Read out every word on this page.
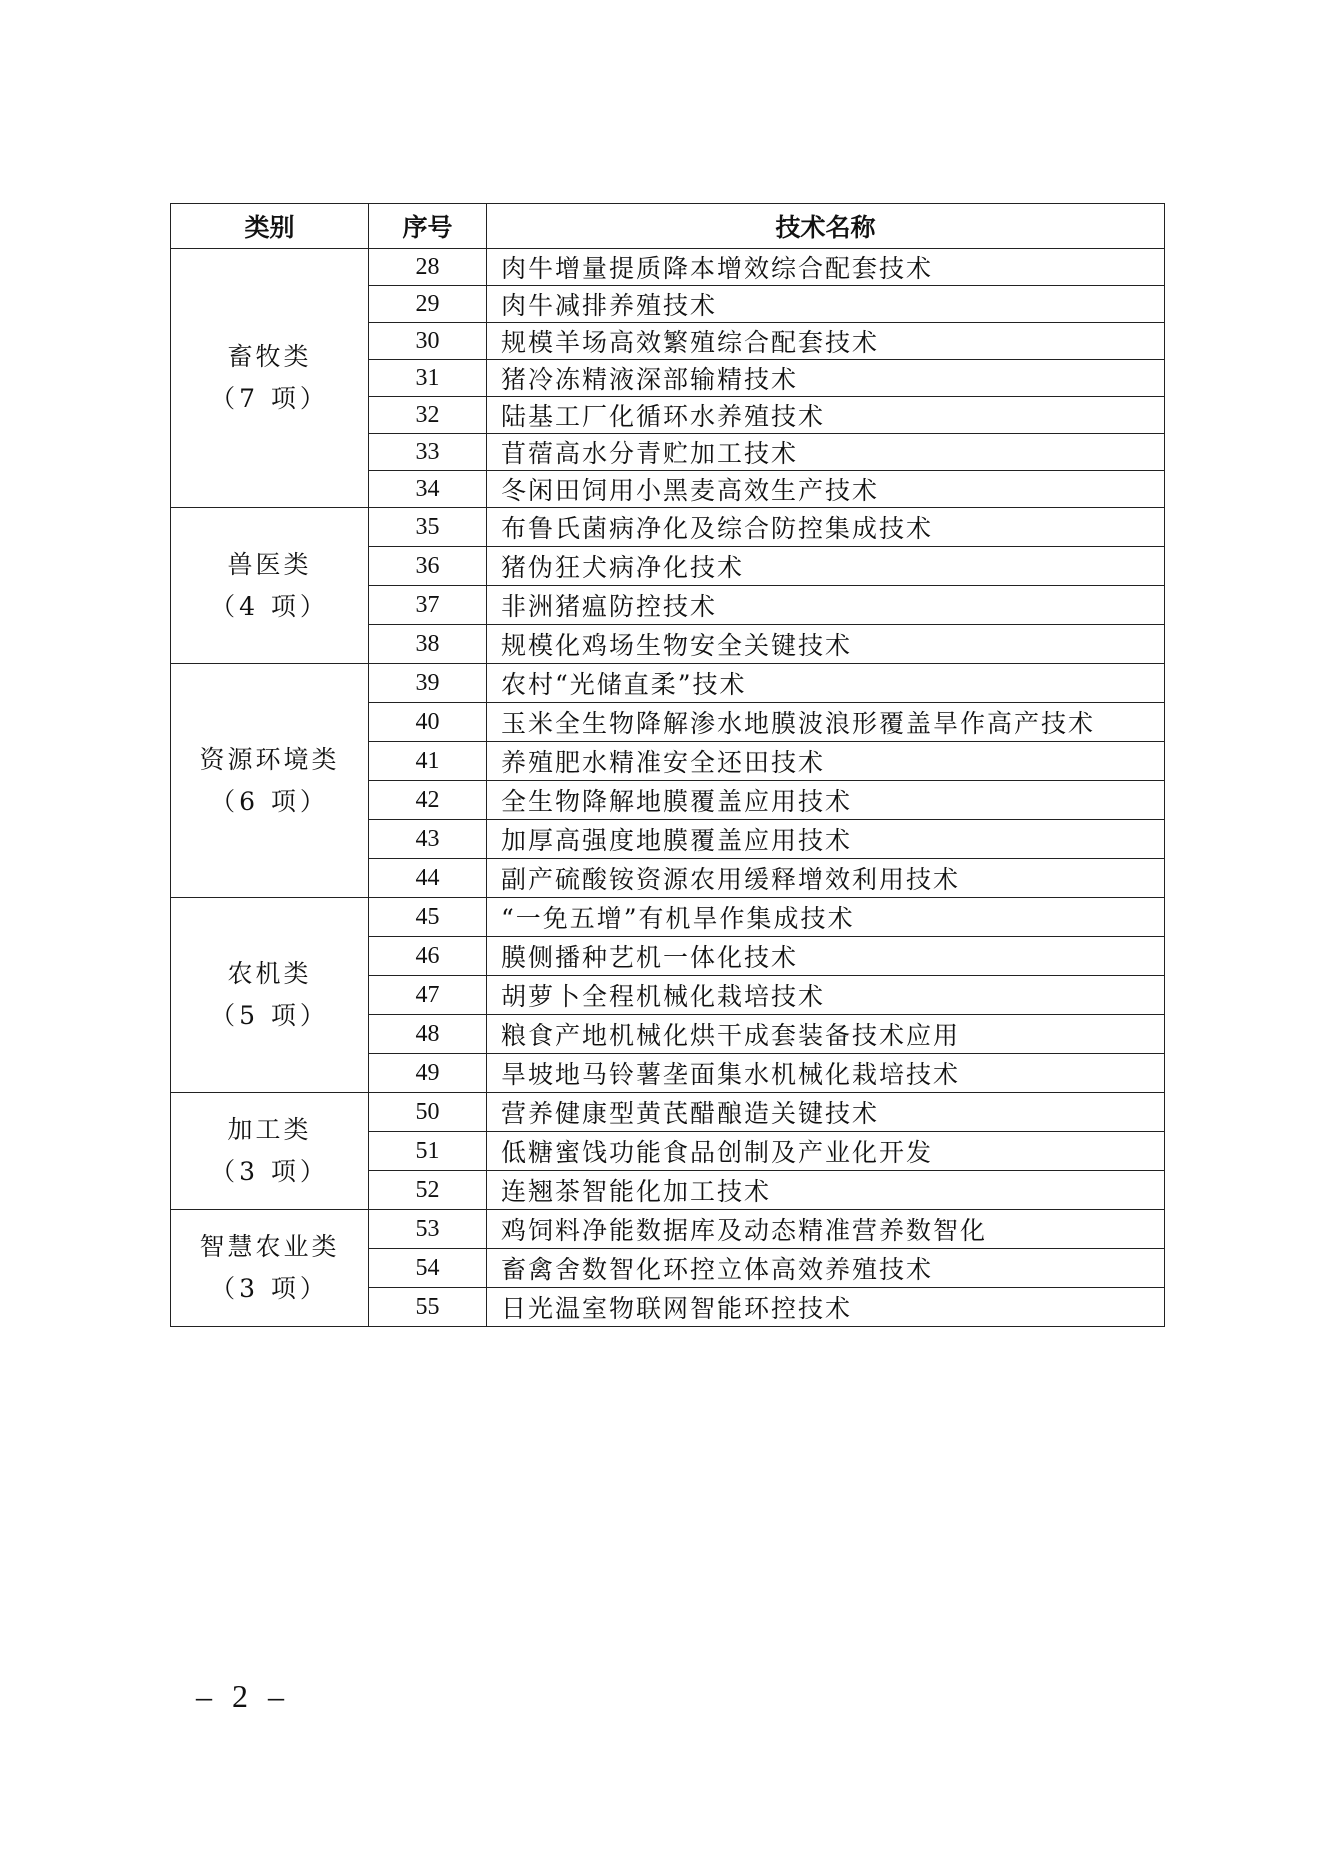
类别	序号	技术名称

畜牧类
（7 项）	28	肉牛增量提质降本增效综合配套技术
	29	肉牛减排养殖技术
	30	规模羊场高效繁殖综合配套技术
	31	猪冷冻精液深部输精技术
	32	陆基工厂化循环水养殖技术
	33	苜蓿高水分青贮加工技术
	34	冬闲田饲用小黑麦高效生产技术

兽医类
（4 项）	35	布鲁氏菌病净化及综合防控集成技术
	36	猪伪狂犬病净化技术
	37	非洲猪瘟防控技术
	38	规模化鸡场生物安全关键技术

资源环境类
（6 项）	39	农村“光储直柔”技术
	40	玉米全生物降解渗水地膜波浪形覆盖旱作高产技术
	41	养殖肥水精准安全还田技术
	42	全生物降解地膜覆盖应用技术
	43	加厚高强度地膜覆盖应用技术
	44	副产硫酸铵资源农用缓释增效利用技术

农机类
（5 项）	45	“一免五增”有机旱作集成技术
	46	膜侧播种艺机一体化技术
	47	胡萝卜全程机械化栽培技术
	48	粮食产地机械化烘干成套装备技术应用
	49	旱坡地马铃薯垄面集水机械化栽培技术

加工类
（3 项）	50	营养健康型黄芪醋酿造关键技术
	51	低糖蜜饯功能食品创制及产业化开发
	52	连翘茶智能化加工技术

智慧农业类
（3 项）	53	鸡饲料净能数据库及动态精准营养数智化
	54	畜禽舍数智化环控立体高效养殖技术
	55	日光温室物联网智能环控技术
– 2 –
